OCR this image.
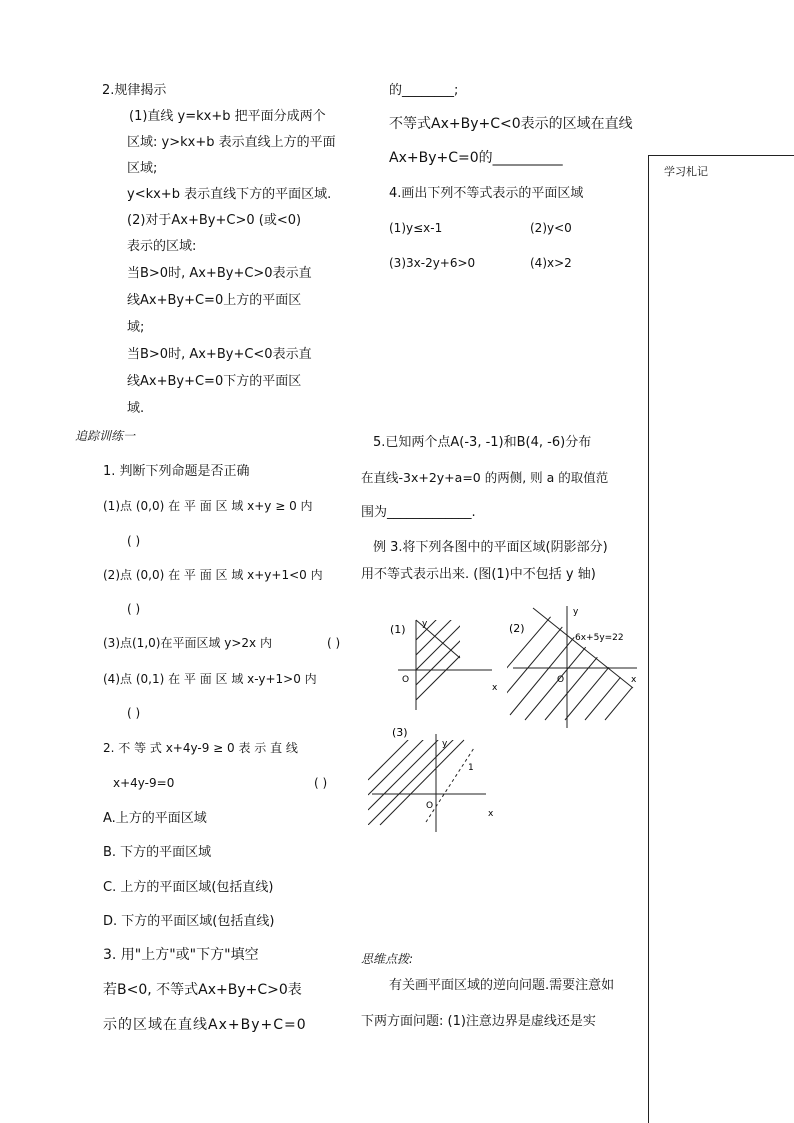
2.规律揭示
(1)直线 y=kx+b 把平面分成两个
区域: y>kx+b 表示直线上方的平面
区域;
y<kx+b 表示直线下方的平面区域.
(2)对于Ax+By+C>0 (或<0)
表示的区域:
当B>0时, Ax+By+C>0表示直
线Ax+By+C=0上方的平面区
域;
当B>0时, Ax+By+C<0表示直
线Ax+By+C=0下方的平面区
域.
追踪训练一
1. 判断下列命题是否正确
(1)点 (0,0) 在 平 面 区 域 x+y ≥ 0 内
( )
(2)点 (0,0) 在 平 面 区 域 x+y+1<0 内
( )
(3)点(1,0)在平面区域 y>2x 内	( )
(4)点 (0,1) 在 平 面 区 域 x-y+1>0 内
( )
2. 不 等 式 x+4y-9 ≥ 0 表 示 直 线
x+4y-9=0	( )
A.上方的平面区域
B. 下方的平面区域
C. 上方的平面区域(包括直线)
D. 下方的平面区域(包括直线)
3. 用"上方"或"下方"填空
若B<0, 不等式Ax+By+C>0表
示的区域在直线Ax+By+C=0
的________;
不等式Ax+By+C<0表示的区域在直线
Ax+By+C=0的__________
4.画出下列不等式表示的平面区域
(1)y≤x-1	(2)y<0
(3)3x-2y+6>0	(4)x>2
5.已知两个点A(-3, -1)和B(4, -6)分布
在直线-3x+2y+a=0 的两侧, 则 a 的取值范
围为_____________.
例 3.将下列各图中的平面区域(阴影部分)
用不等式表示出来. (图(1)中不包括 y 轴)
(1) y
x
O
(2)
y
x
O
6x+5y=22
(3)
y
x
O
1
思维点拨:
有关画平面区域的逆向问题.需要注意如
下两方面问题: (1)注意边界是虚线还是实
学习札记
